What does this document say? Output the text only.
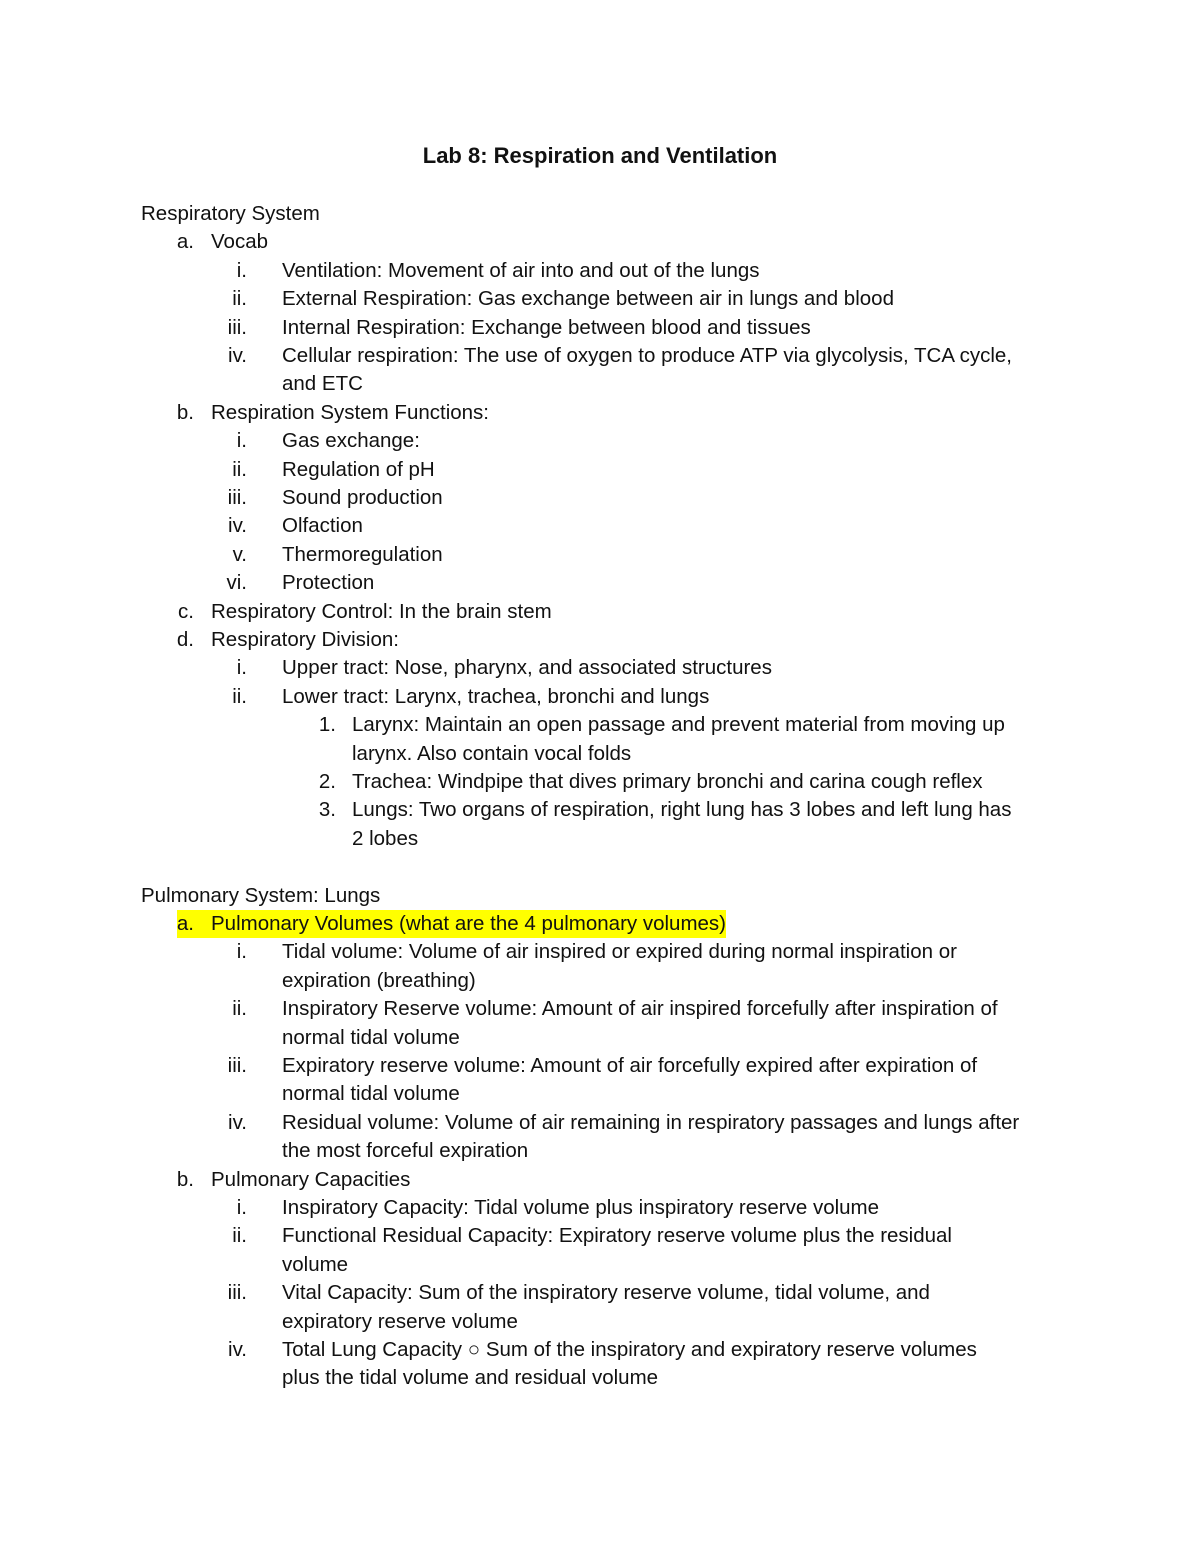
Lab 8: Respiration and Ventilation
Respiratory System
a. Vocab
i. Ventilation: Movement of air into and out of the lungs
ii. External Respiration: Gas exchange between air in lungs and blood
iii. Internal Respiration: Exchange between blood and tissues
iv. Cellular respiration: The use of oxygen to produce ATP via glycolysis, TCA cycle,
and ETC
b. Respiration System Functions:
i. Gas exchange:
ii. Regulation of pH
iii. Sound production
iv. Olfaction
v. Thermoregulation
vi. Protection
c. Respiratory Control: In the brain stem
d. Respiratory Division:
i. Upper tract: Nose, pharynx, and associated structures
ii. Lower tract: Larynx, trachea, bronchi and lungs
1. Larynx: Maintain an open passage and prevent material from moving up
larynx. Also contain vocal folds
2. Trachea: Windpipe that dives primary bronchi and carina cough reflex
3. Lungs: Two organs of respiration, right lung has 3 lobes and left lung has
2 lobes
Pulmonary System: Lungs
a. Pulmonary Volumes (what are the 4 pulmonary volumes)
i. Tidal volume: Volume of air inspired or expired during normal inspiration or
expiration (breathing)
ii. Inspiratory Reserve volume: Amount of air inspired forcefully after inspiration of
normal tidal volume
iii. Expiratory reserve volume: Amount of air forcefully expired after expiration of
normal tidal volume
iv. Residual volume: Volume of air remaining in respiratory passages and lungs after
the most forceful expiration
b. Pulmonary Capacities
i. Inspiratory Capacity: Tidal volume plus inspiratory reserve volume
ii. Functional Residual Capacity: Expiratory reserve volume plus the residual
volume
iii. Vital Capacity: Sum of the inspiratory reserve volume, tidal volume, and
expiratory reserve volume
iv. Total Lung Capacity ○ Sum of the inspiratory and expiratory reserve volumes
plus the tidal volume and residual volume
